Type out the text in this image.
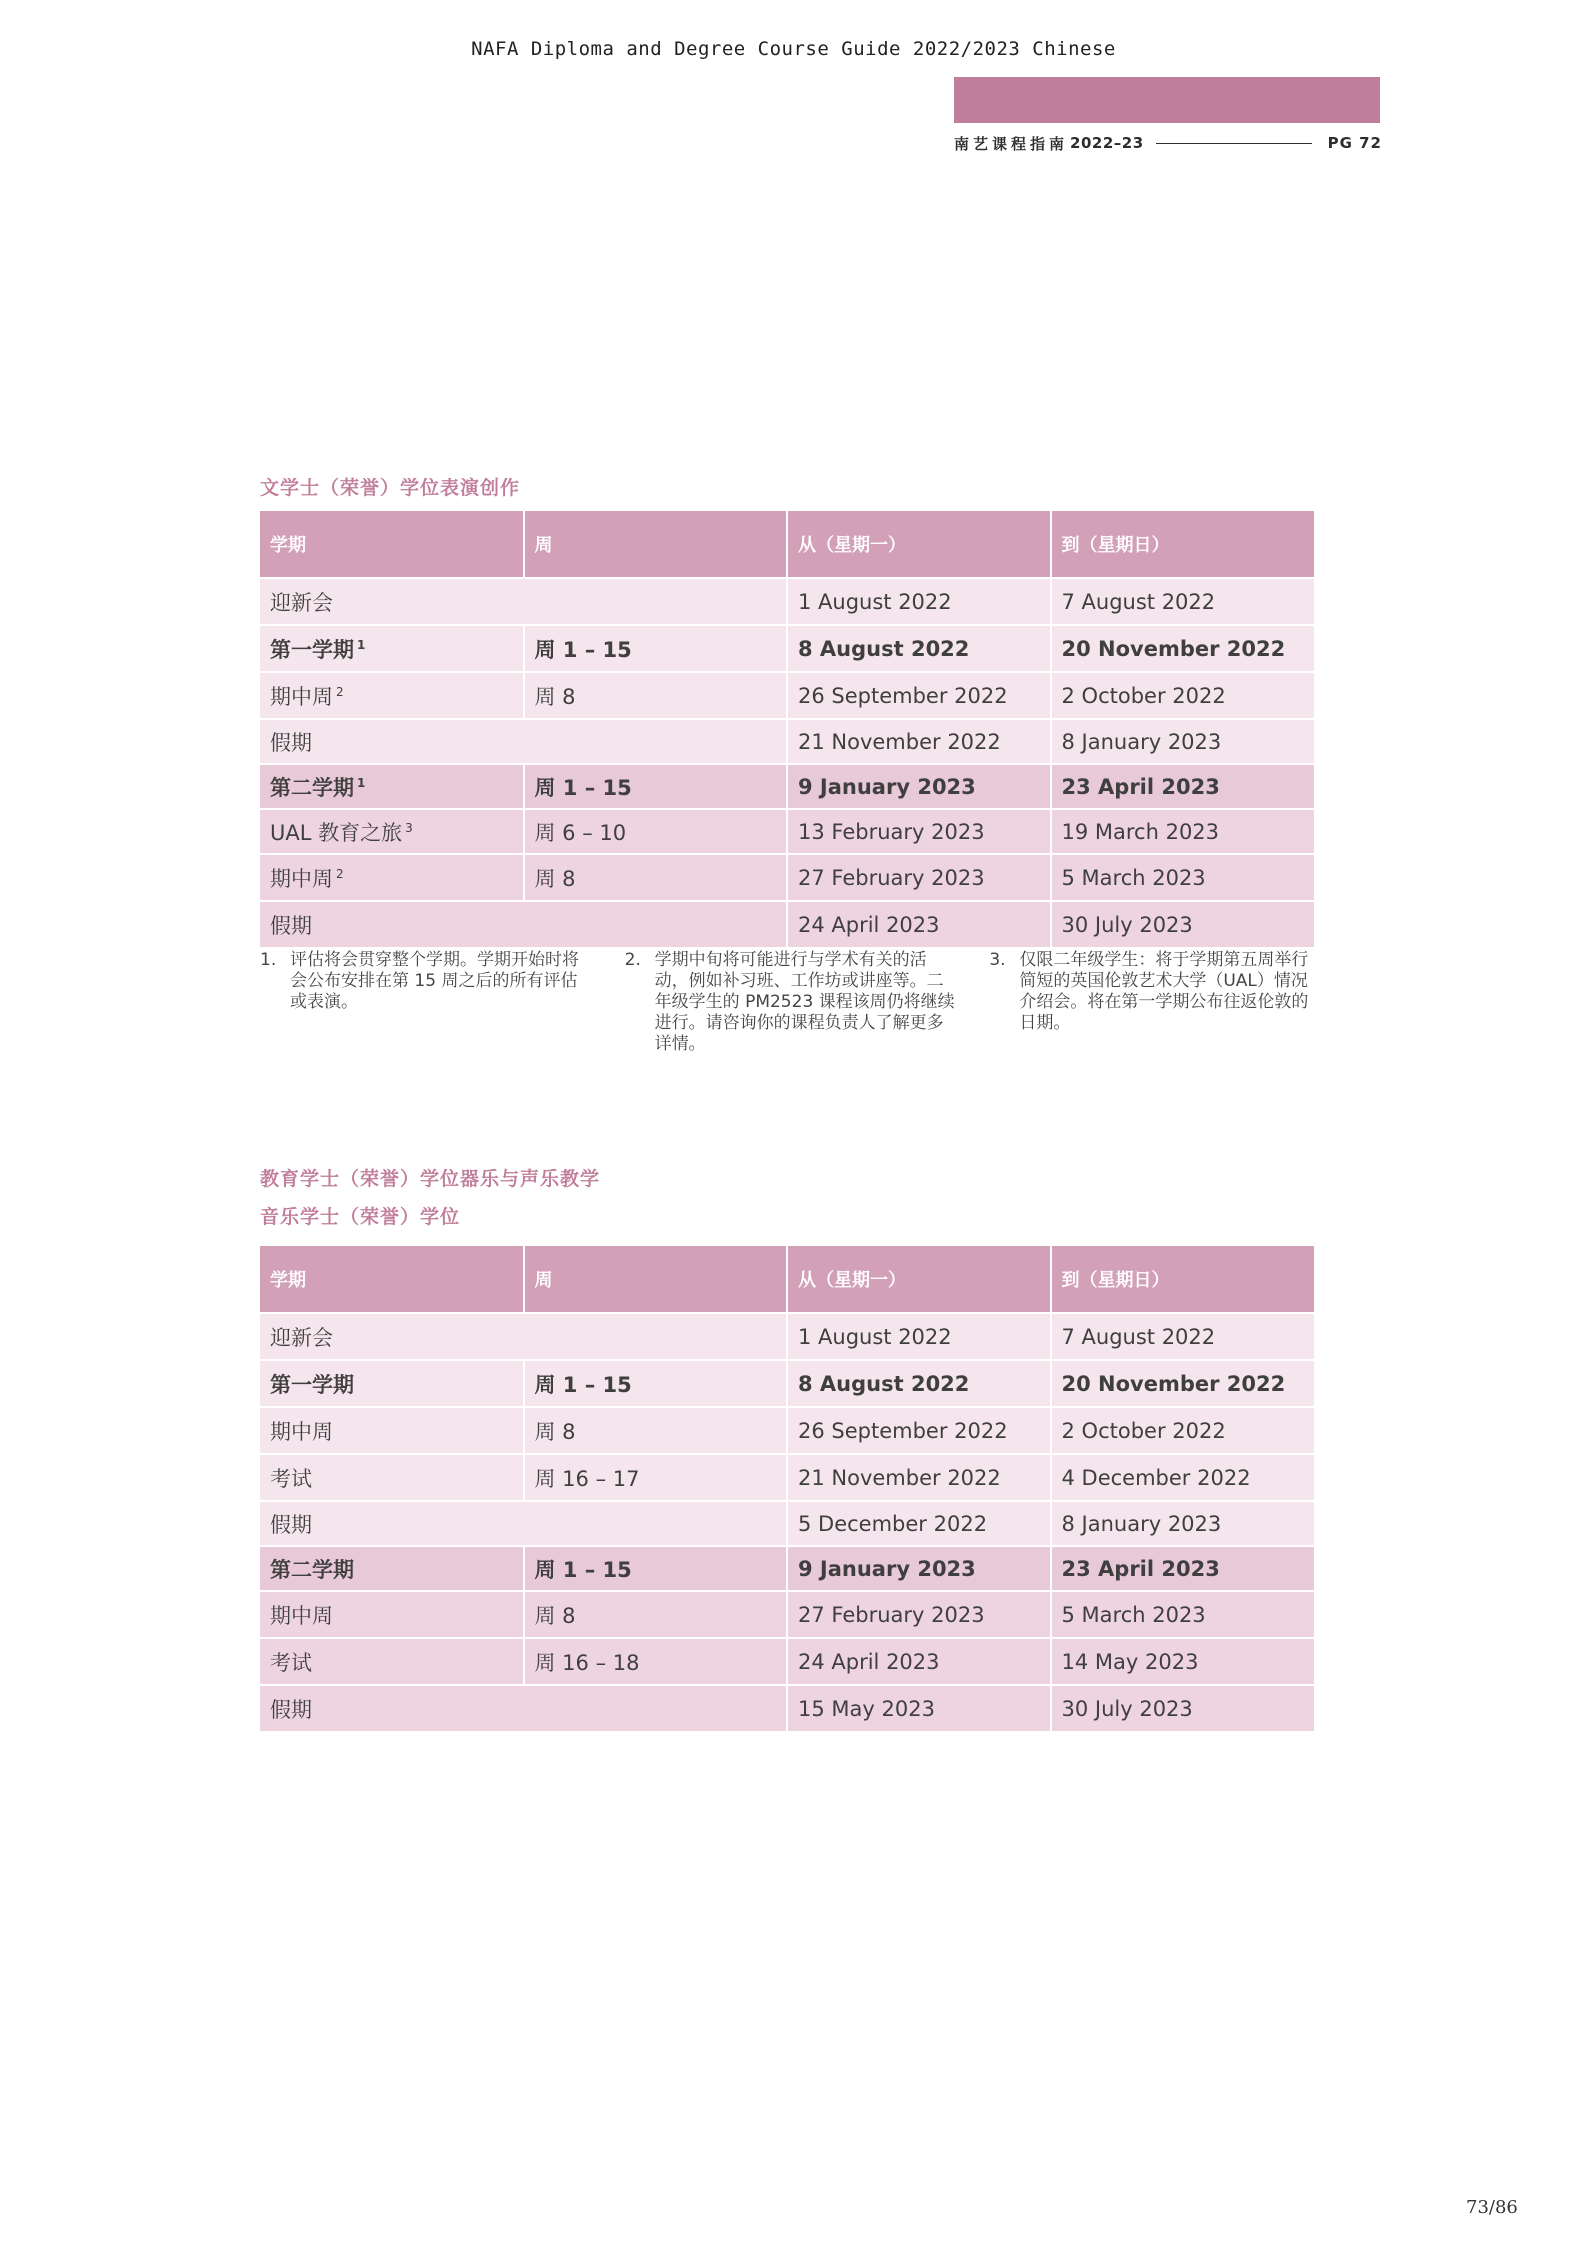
NAFA Diploma and Degree Course Guide 2022/2023 Chinese
南艺课程指南 2022–23	PG 72
文学士（荣誉）学位表演创作
学期	周	从（星期一）	到（星期日）
迎新会		1 August 2022	7 August 2022
第一学期 $^1$	周 1 – 15	8 August 2022	20 November 2022
期中周 $^2$	周 8	26 September 2022	2 October 2022
假期		21 November 2022	8 January 2023
第二学期 $^1$	周 1 – 15	9 January 2023	23 April 2023
UAL 教育之旅 $^3$	周 6 – 10	13 February 2023	19 March 2023
期中周 $^2$	周 8	27 February 2023	5 March 2023
假期		24 April 2023	30 July 2023
1. 评估将会贯穿整个学期。学期开始时将会公布安排在第 15 周之后的所有评估或表演。
2. 学期中旬将可能进行与学术有关的活动，例如补习班、工作坊或讲座等。二年级学生的 PM2523 课程该周仍将继续进行。请咨询你的课程负责人了解更多详情。
3. 仅限二年级学生：将于学期第五周举行简短的英国伦敦艺术大学（UAL）情况介绍会。将在第一学期公布往返伦敦的日期。
教育学士（荣誉）学位器乐与声乐教学
音乐学士（荣誉）学位
学期	周	从（星期一）	到（星期日）
迎新会		1 August 2022	7 August 2022
第一学期	周 1 – 15	8 August 2022	20 November 2022
期中周	周 8	26 September 2022	2 October 2022
考试	周 16 – 17	21 November 2022	4 December 2022
假期		5 December 2022	8 January 2023
第二学期	周 1 – 15	9 January 2023	23 April 2023
期中周	周 8	27 February 2023	5 March 2023
考试	周 16 – 18	24 April 2023	14 May 2023
假期		15 May 2023	30 July 2023
73/86
